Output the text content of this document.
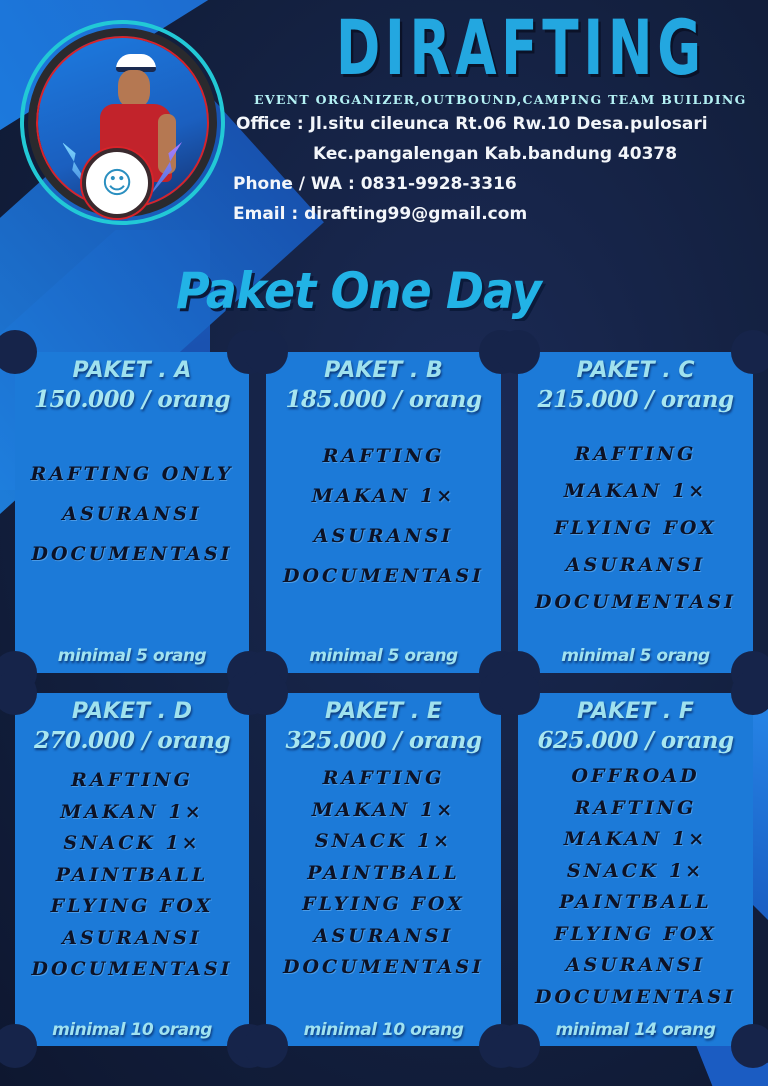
☺
DIRAFTING
EVENT ORGANIZER,OUTBOUND,CAMPING TEAM BUILDING
Office : Jl.situ cileunca Rt.06 Rw.10 Desa.pulosari
Kec.pangalengan Kab.bandung 40378
Phone / WA : 0831-9928-3316
Email : dirafting99@gmail.com
Paket One Day
PAKET . A
150.000 / orang
RAFTING ONLY
ASURANSI
DOCUMENTASI
minimal 5 orang
PAKET . B
185.000 / orang
RAFTING
MAKAN 1×
ASURANSI
DOCUMENTASI
minimal 5 orang
PAKET . C
215.000 / orang
RAFTING
MAKAN 1×
FLYING FOX
ASURANSI
DOCUMENTASI
minimal 5 orang
PAKET . D
270.000 / orang
RAFTING
MAKAN 1×
SNACK 1×
PAINTBALL
FLYING FOX
ASURANSI
DOCUMENTASI
minimal 10 orang
PAKET . E
325.000 / orang
RAFTING
MAKAN 1×
SNACK 1×
PAINTBALL
FLYING FOX
ASURANSI
DOCUMENTASI
minimal 10 orang
PAKET . F
625.000 / orang
OFFROAD
RAFTING
MAKAN 1×
SNACK 1×
PAINTBALL
FLYING FOX
ASURANSI
DOCUMENTASI
minimal 14 orang
